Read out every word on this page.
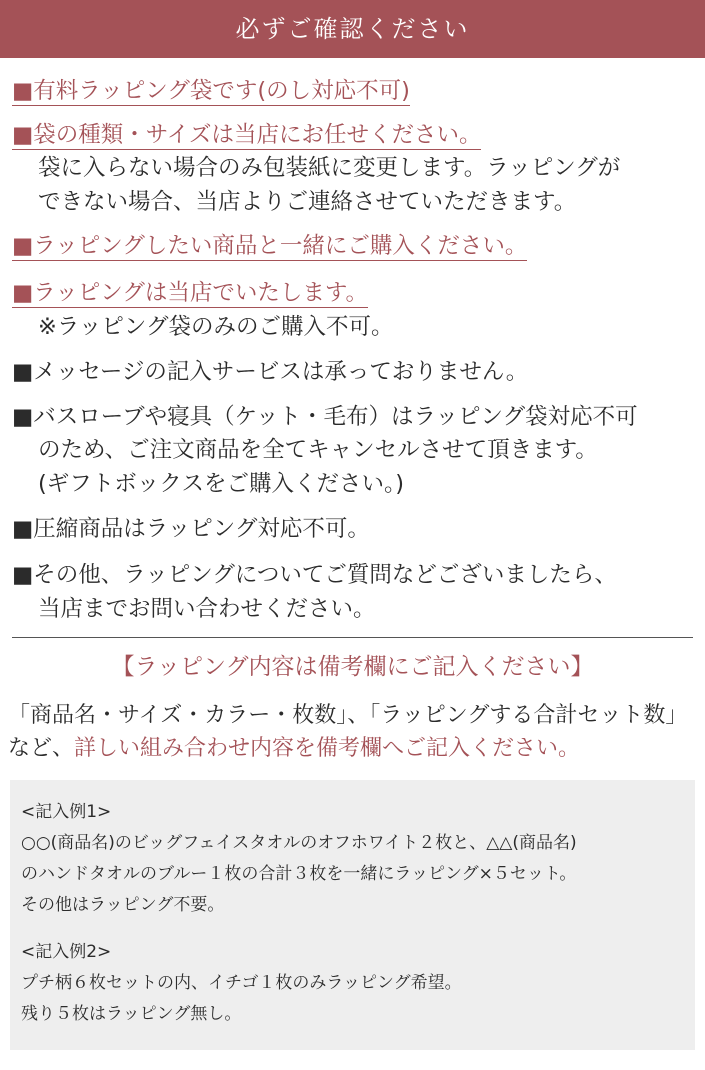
必ずご確認ください
■有料ラッピング袋です(のし対応不可)
■袋の種類・サイズは当店にお任せください。
袋に入らない場合のみ包装紙に変更します。ラッピングが
できない場合、当店よりご連絡させていただきます。
■ラッピングしたい商品と一緒にご購入ください。
■ラッピングは当店でいたします。
※ラッピング袋のみのご購入不可。
■メッセージの記入サービスは承っておりません。
■バスローブや寝具（ケット・毛布）はラッピング袋対応不可
のため、ご注文商品を全てキャンセルさせて頂きます。
(ギフトボックスをご購入ください。)
■圧縮商品はラッピング対応不可。
■その他、ラッピングについてご質問などございましたら、
当店までお問い合わせください。
【ラッピング内容は備考欄にご記入ください】
「商品名・サイズ・カラー・枚数」、「ラッピングする合計セット数」
など、詳しい組み合わせ内容を備考欄へご記入ください。
<記入例1>
○○(商品名)のビッグフェイスタオルのオフホワイト２枚と、△△(商品名)
のハンドタオルのブルー１枚の合計３枚を一緒にラッピング×５セット。
その他はラッピング不要。
<記入例2>
プチ柄６枚セットの内、イチゴ１枚のみラッピング希望。
残り５枚はラッピング無し。
